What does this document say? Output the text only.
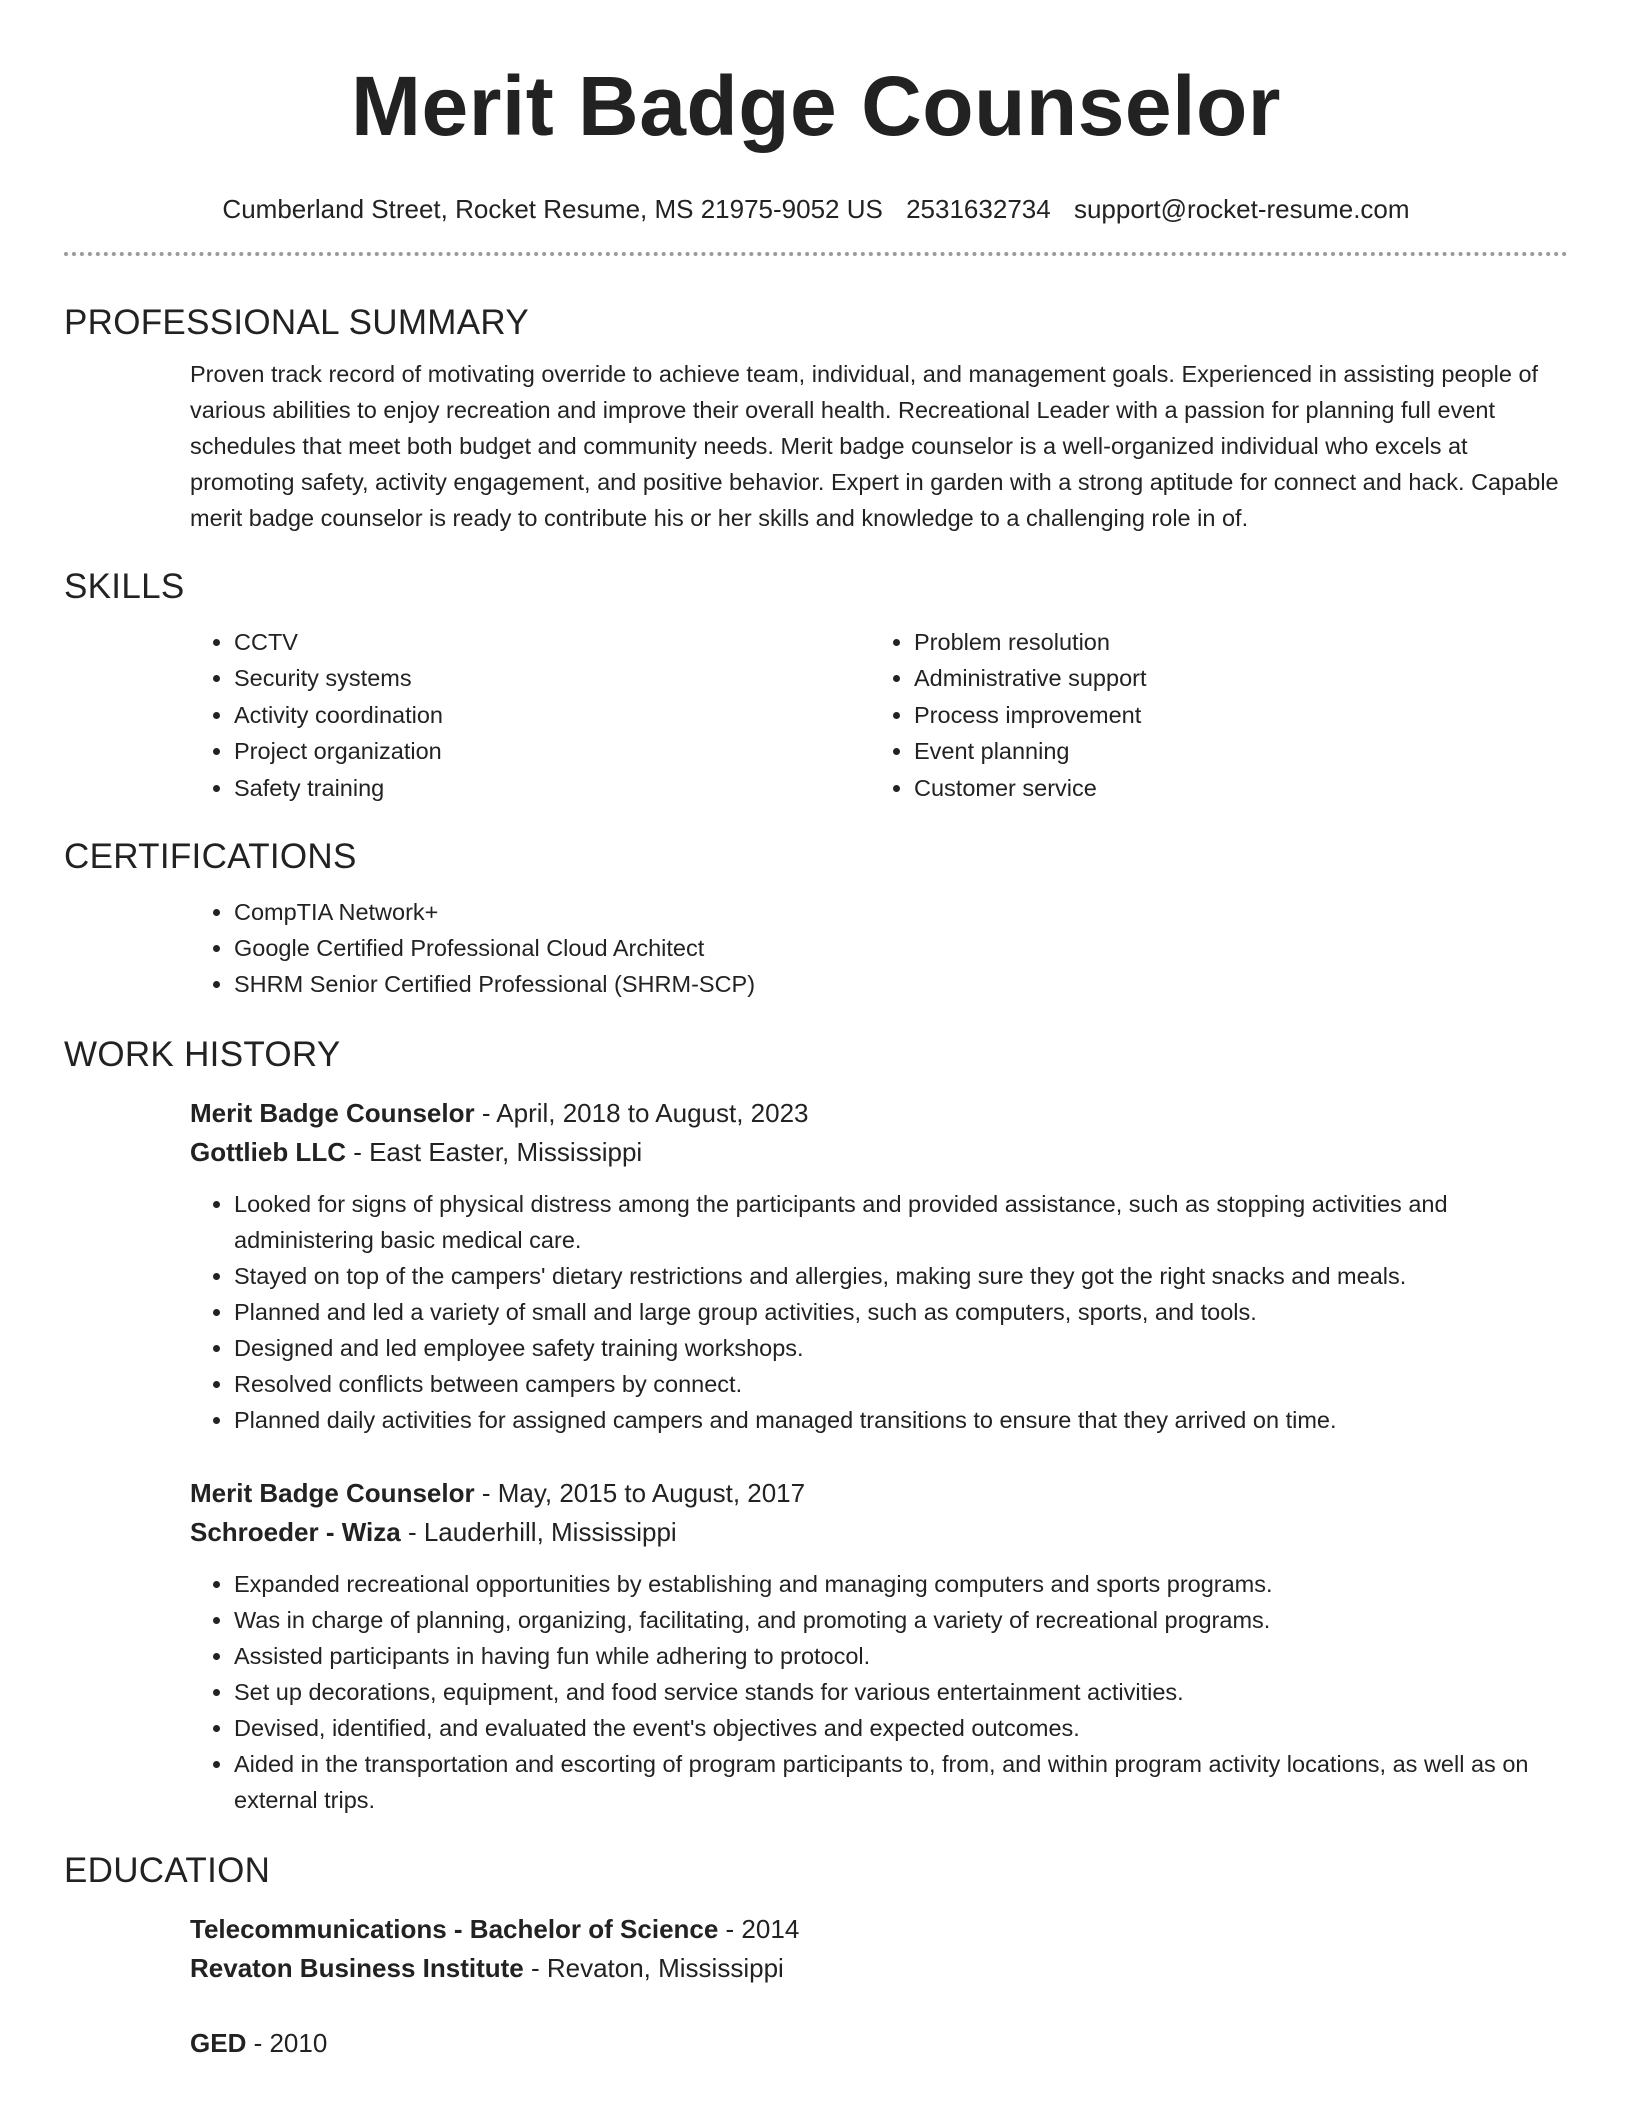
Merit Badge Counselor
Cumberland Street, Rocket Resume, MS 21975-9052 US 2531632734 support@rocket-resume.com
PROFESSIONAL SUMMARY
Proven track record of motivating override to achieve team, individual, and management goals. Experienced in assisting people of various abilities to enjoy recreation and improve their overall health. Recreational Leader with a passion for planning full event schedules that meet both budget and community needs. Merit badge counselor is a well-organized individual who excels at promoting safety, activity engagement, and positive behavior. Expert in garden with a strong aptitude for connect and hack. Capable merit badge counselor is ready to contribute his or her skills and knowledge to a challenging role in of.
SKILLS
• CCTV
• Security systems
• Activity coordination
• Project organization
• Safety training
• Problem resolution
• Administrative support
• Process improvement
• Event planning
• Customer service
CERTIFICATIONS
• CompTIA Network+
• Google Certified Professional Cloud Architect
• SHRM Senior Certified Professional (SHRM-SCP)
WORK HISTORY
Merit Badge Counselor - April, 2018 to August, 2023
Gottlieb LLC - East Easter, Mississippi
• Looked for signs of physical distress among the participants and provided assistance, such as stopping activities and administering basic medical care.
• Stayed on top of the campers' dietary restrictions and allergies, making sure they got the right snacks and meals.
• Planned and led a variety of small and large group activities, such as computers, sports, and tools.
• Designed and led employee safety training workshops.
• Resolved conflicts between campers by connect.
• Planned daily activities for assigned campers and managed transitions to ensure that they arrived on time.
Merit Badge Counselor - May, 2015 to August, 2017
Schroeder - Wiza - Lauderhill, Mississippi
• Expanded recreational opportunities by establishing and managing computers and sports programs.
• Was in charge of planning, organizing, facilitating, and promoting a variety of recreational programs.
• Assisted participants in having fun while adhering to protocol.
• Set up decorations, equipment, and food service stands for various entertainment activities.
• Devised, identified, and evaluated the event's objectives and expected outcomes.
• Aided in the transportation and escorting of program participants to, from, and within program activity locations, as well as on external trips.
EDUCATION
Telecommunications - Bachelor of Science - 2014
Revaton Business Institute - Revaton, Mississippi
GED - 2010
